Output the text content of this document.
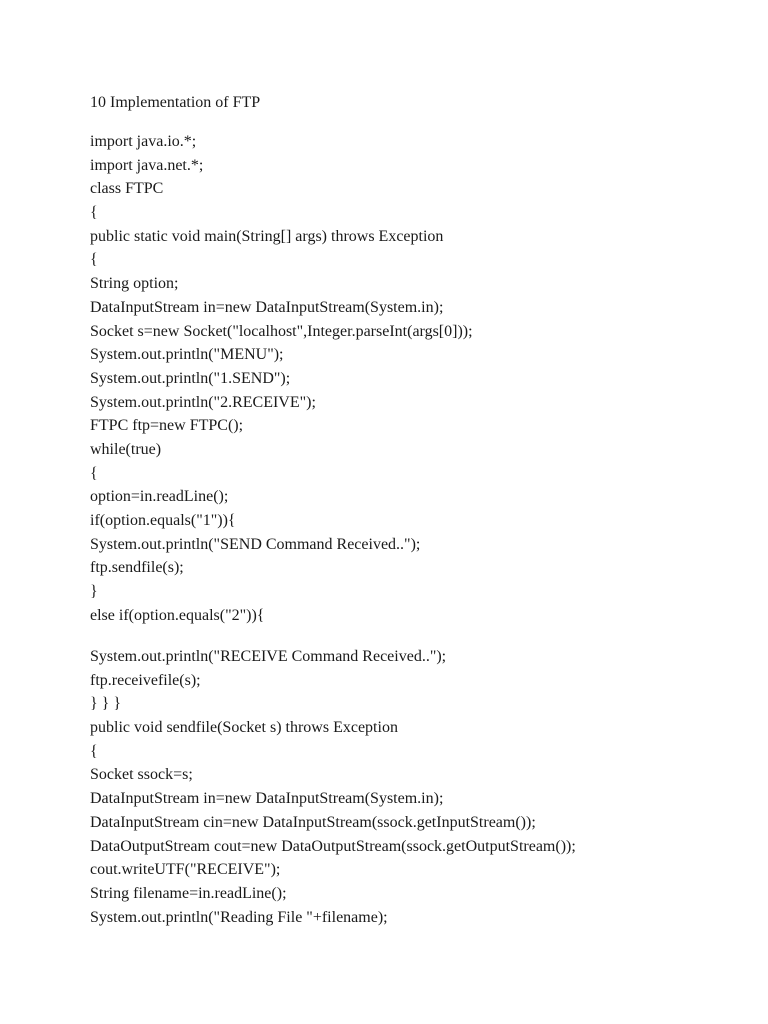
10 Implementation of FTP
import java.io.*;
import java.net.*;
class FTPC
{
public static void main(String[] args) throws Exception
{
String option;
DataInputStream in=new DataInputStream(System.in);
Socket s=new Socket("localhost",Integer.parseInt(args[0]));
System.out.println("MENU");
System.out.println("1.SEND");
System.out.println("2.RECEIVE");
FTPC ftp=new FTPC();
while(true)
{
option=in.readLine();
if(option.equals("1")){
System.out.println("SEND Command Received..");
ftp.sendfile(s);
}
else if(option.equals("2")){
System.out.println("RECEIVE Command Received..");
ftp.receivefile(s);
} } }
public void sendfile(Socket s) throws Exception
{
Socket ssock=s;
DataInputStream in=new DataInputStream(System.in);
DataInputStream cin=new DataInputStream(ssock.getInputStream());
DataOutputStream cout=new DataOutputStream(ssock.getOutputStream());
cout.writeUTF("RECEIVE");
String filename=in.readLine();
System.out.println("Reading File "+filename);
